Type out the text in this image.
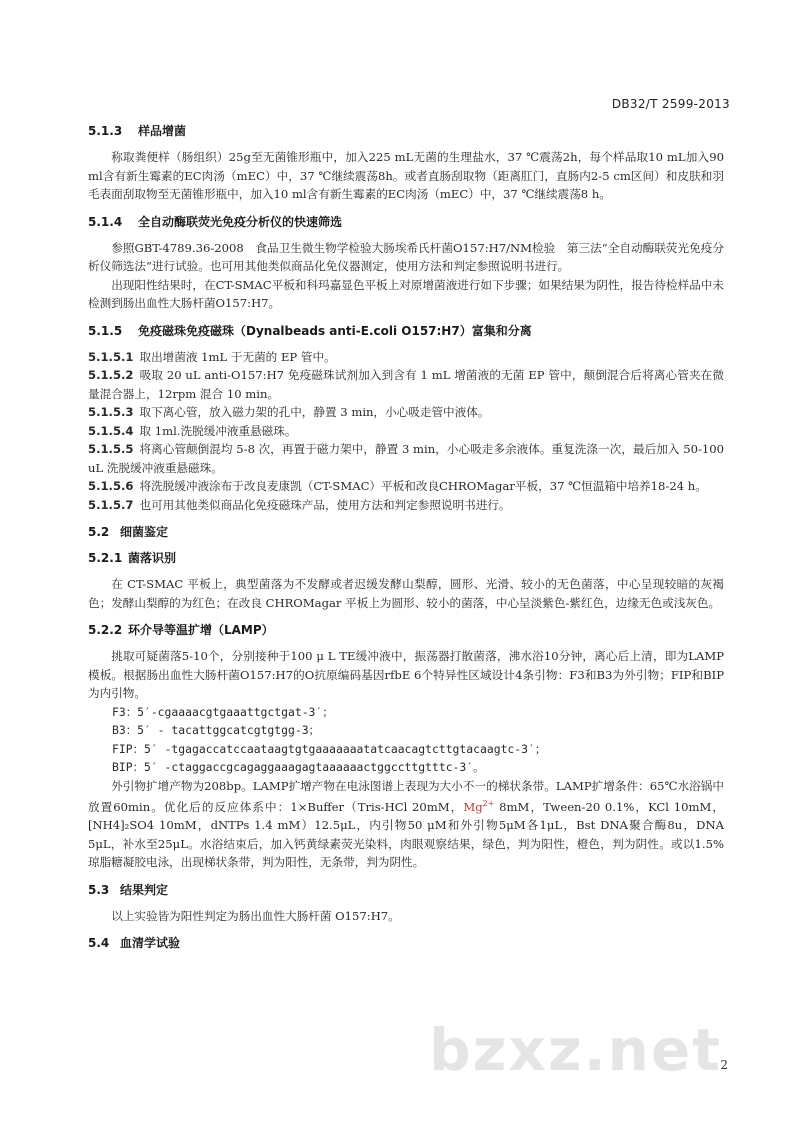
DB32/T 2599-2013
5.1.3 样品增菌

称取粪便样（肠组织）25g至无菌锥形瓶中，加入225 mL无菌的生理盐水，37 ℃震荡2h，每个样品取10 mL加入90 ml含有新生霉素的EC肉汤（mEC）中，37 ℃继续震荡8h。或者直肠刮取物（距离肛门，直肠内2-5 cm区间）和皮肤和羽毛表面刮取物至无菌锥形瓶中，加入10 ml含有新生霉素的EC肉汤（mEC）中，37 ℃继续震荡8 h。

5.1.4 全自动酶联荧光免疫分析仪的快速筛选

参照GBT-4789.36-2008　食品卫生微生物学检验大肠埃希氏杆菌O157:H7/NM检验　第三法“全自动酶联荧光免疫分析仪筛选法”进行试验。也可用其他类似商品化免仪器测定，使用方法和判定参照说明书进行。

出现阳性结果时，在CT-SMAC平板和科玛嘉显色平板上对原增菌液进行如下步骤；如果结果为阴性，报告待检样品中未检测到肠出血性大肠杆菌O157:H7。

5.1.5 免疫磁珠免疫磁珠（Dynalbeads anti-E.coli O157:H7）富集和分离

5.1.5.1 取出增菌液 1mL 于无菌的 EP 管中。

5.1.5.2 吸取 20 uL anti-O157:H7 免疫磁珠试剂加入到含有 1 mL 增菌液的无菌 EP 管中，颠倒混合后将离心管夹在微量混合器上，12rpm 混合 10 min。

5.1.5.3 取下离心管，放入磁力架的孔中，静置 3 min，小心吸走管中液体。

5.1.5.4 取 1ml.洗脱缓冲液重悬磁珠。

5.1.5.5 将离心管颠倒混均 5-8 次，再置于磁力架中，静置 3 min，小心吸走多余液体。重复洗涤一次，最后加入 50-100 uL 洗脱缓冲液重悬磁珠。

5.1.5.6 将洗脱缓冲液涂布于改良麦康凯（CT-SMAC）平板和改良CHROMagar平板，37 ℃恒温箱中培养18-24 h。

5.1.5.7 也可用其他类似商品化免疫磁珠产品，使用方法和判定参照说明书进行。

5.2 细菌鉴定
5.2.1 菌落识别

在 CT-SMAC 平板上，典型菌落为不发酵或者迟缓发酵山梨醇，圆形、光滑、较小的无色菌落，中心呈现较暗的灰褐色；发酵山梨醇的为红色；在改良 CHROMagar 平板上为圆形、较小的菌落，中心呈淡紫色-紫红色，边缘无色或浅灰色。

5.2.2 环介导等温扩增（LAMP）

挑取可疑菌落5-10个，分别接种于100 μ L TE缓冲液中，振荡器打散菌落，沸水浴10分钟，离心后上清，即为LAMP模板。根据肠出血性大肠杆菌O157:H7的O抗原编码基因rfbE 6个特异性区域设计4条引物：F3和B3为外引物；FIP和BIP为内引物。

F3：5′-cgaaaacgtgaaattgctgat-3′；

B3：5′ - tacattggcatcgtgtgg-3；

FIP：5′ -tgagaccatccaataagtgtgaaaaaaatatcaacagtcttgtacaagtc-3′；

BIP：5′ -ctaggaccgcagaggaaagagtaaaaaactggccttgtttc-3′。

外引物扩增产物为208bp。LAMP扩增产物在电泳图谱上表现为大小不一的梯状条带。LAMP扩增条件：65℃水浴锅中放置60min。优化后的反应体系中：1×Buffer（Tris-HCl 20mM，$Mg^{2+}$ 8mM，Tween-20 0.1%，KCl 10mM，[NH4]₂SO4 10mM，dNTPs 1.4 mM）12.5μL，内引物50 μM和外引物5μM各1μL，Bst DNA聚合酶8u，DNA 5μL，补水至25μL。水浴结束后，加入钙黄绿素荧光染料，肉眼观察结果，绿色，判为阳性，橙色，判为阴性。或以1.5%琼脂糖凝胶电泳，出现梯状条带，判为阳性，无条带，判为阴性。

5.3 结果判定

以上实验皆为阳性判定为肠出血性大肠杆菌 O157:H7。

5.4 血清学试验
bzxz.net
2
